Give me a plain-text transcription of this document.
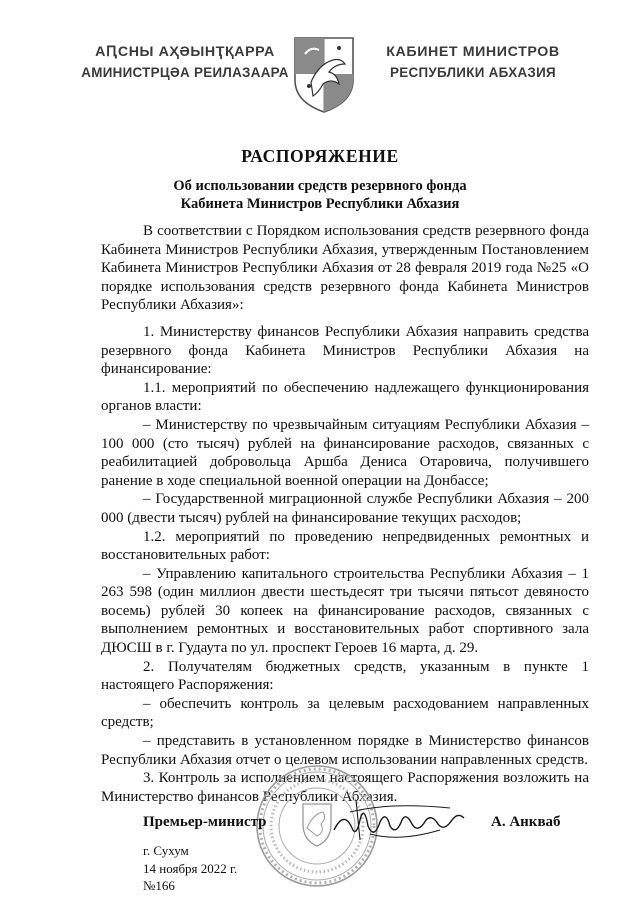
АԤСНЫ АҲӘЫНҬҚАРРА
АМИНИСТРЦӘА РЕИЛАЗААРА
КАБИНЕТ МИНИСТРОВ
РЕСПУБЛИКИ АБХАЗИЯ
РАСПОРЯЖЕНИЕ
Об использовании средств резервного фонда
Кабинета Министров Республики Абхазия

В соответствии с Порядком использования средств резервного фонда Кабинета Министров Республики Абхазия, утвержденным Постановлением Кабинета Министров Республики Абхазия от 28 февраля 2019 года №25 «О порядке использования средств резервного фонда Кабинета Министров Республики Абхазия»:

1. Министерству финансов Республики Абхазия направить средства резервного фонда Кабинета Министров Республики Абхазия на финансирование:

1.1. мероприятий по обеспечению надлежащего функционирования органов власти:

– Министерству по чрезвычайным ситуациям Республики Абхазия – 100 000 (сто тысяч) рублей на финансирование расходов, связанных с реабилитацией добровольца Аршба Дениса Отаровича, получившего ранение в ходе специальной военной операции на Донбассе;

– Государственной миграционной службе Республики Абхазия – 200 000 (двести тысяч) рублей на финансирование текущих расходов;

1.2. мероприятий по проведению непредвиденных ремонтных и восстановительных работ:

– Управлению капитального строительства Республики Абхазия – 1 263 598 (один миллион двести шестьдесят три тысячи пятьсот девяносто восемь) рублей 30 копеек на финансирование расходов, связанных с выполнением ремонтных и восстановительных работ спортивного зала ДЮСШ в г. Гудаута по ул. проспект Героев 16 марта, д. 29.

2. Получателям бюджетных средств, указанным в пункте 1 настоящего Распоряжения:

– обеспечить контроль за целевым расходованием направленных средств;

– представить в установленном порядке в Министерство финансов Республики Абхазия отчет о целевом использовании направленных средств.

3. Контроль за исполнением настоящего Распоряжения возложить на Министерство финансов Республики Абхазия.

Премьер-министр	А. Анкваб
г. Сухум
14 ноября 2022 г.
№166
